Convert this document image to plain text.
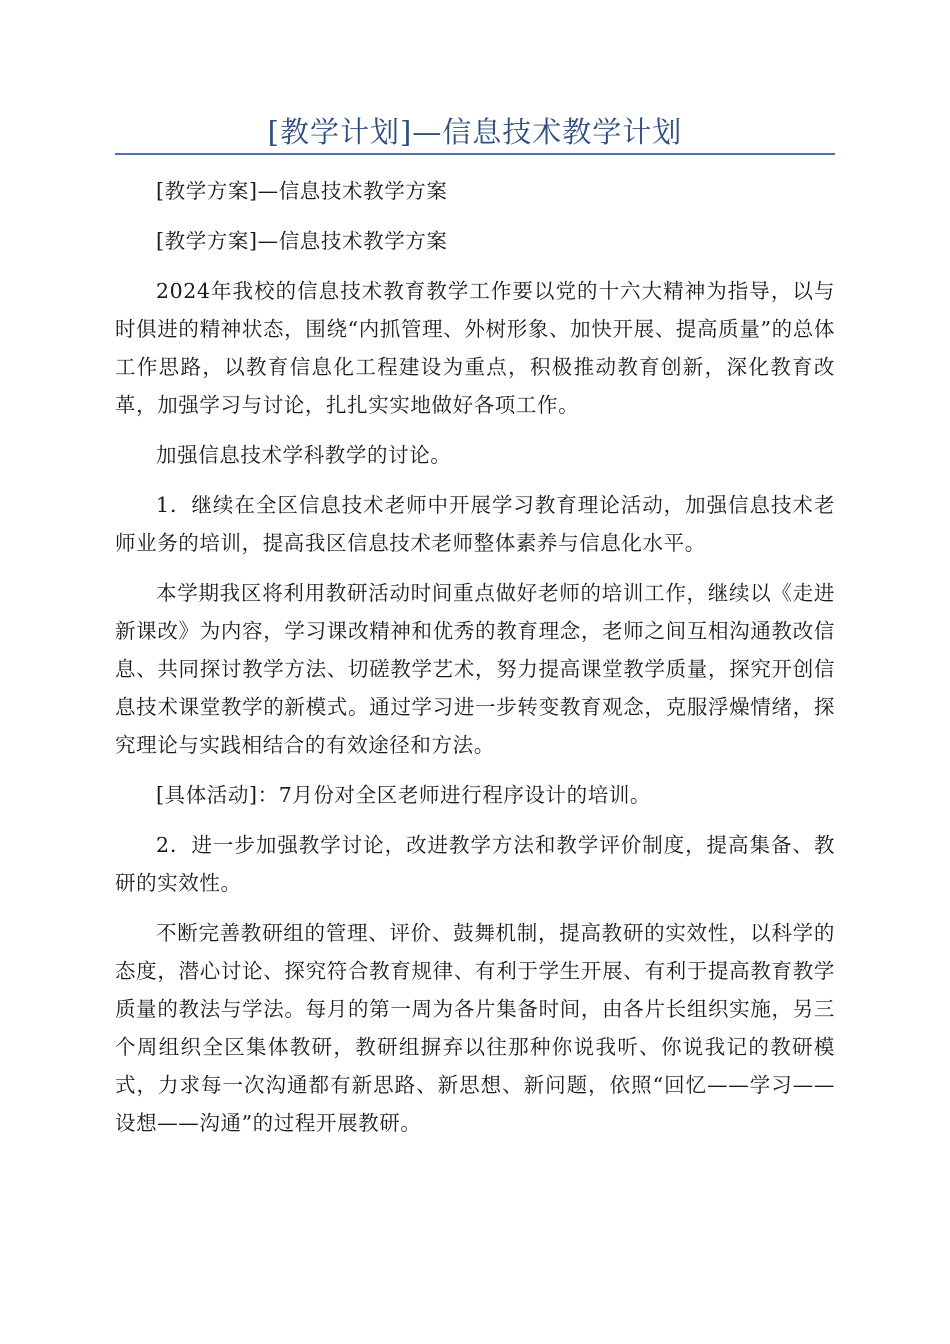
[教学计划]—信息技术教学计划

[教学方案]—信息技术教学方案

[教学方案]—信息技术教学方案

2024年我校的信息技术教育教学工作要以党的十六大精神为指导，以与时俱进的精神状态，围绕“内抓管理、外树形象、加快开展、提高质量”的总体工作思路，以教育信息化工程建设为重点，积极推动教育创新，深化教育改革，加强学习与讨论，扎扎实实地做好各项工作。

加强信息技术学科教学的讨论。

1．继续在全区信息技术老师中开展学习教育理论活动，加强信息技术老师业务的培训，提高我区信息技术老师整体素养与信息化水平。

本学期我区将利用教研活动时间重点做好老师的培训工作，继续以《走进新课改》为内容，学习课改精神和优秀的教育理念，老师之间互相沟通教改信息、共同探讨教学方法、切磋教学艺术，努力提高课堂教学质量，探究开创信息技术课堂教学的新模式。通过学习进一步转变教育观念，克服浮燥情绪，探究理论与实践相结合的有效途径和方法。

[具体活动]：7月份对全区老师进行程序设计的培训。

2．进一步加强教学讨论，改进教学方法和教学评价制度，提高集备、教研的实效性。

不断完善教研组的管理、评价、鼓舞机制，提高教研的实效性，以科学的态度，潜心讨论、探究符合教育规律、有利于学生开展、有利于提高教育教学质量的教法与学法。每月的第一周为各片集备时间，由各片长组织实施，另三个周组织全区集体教研，教研组摒弃以往那种你说我听、你说我记的教研模式，力求每一次沟通都有新思路、新思想、新问题，依照“回忆——学习——设想——沟通”的过程开展教研。
